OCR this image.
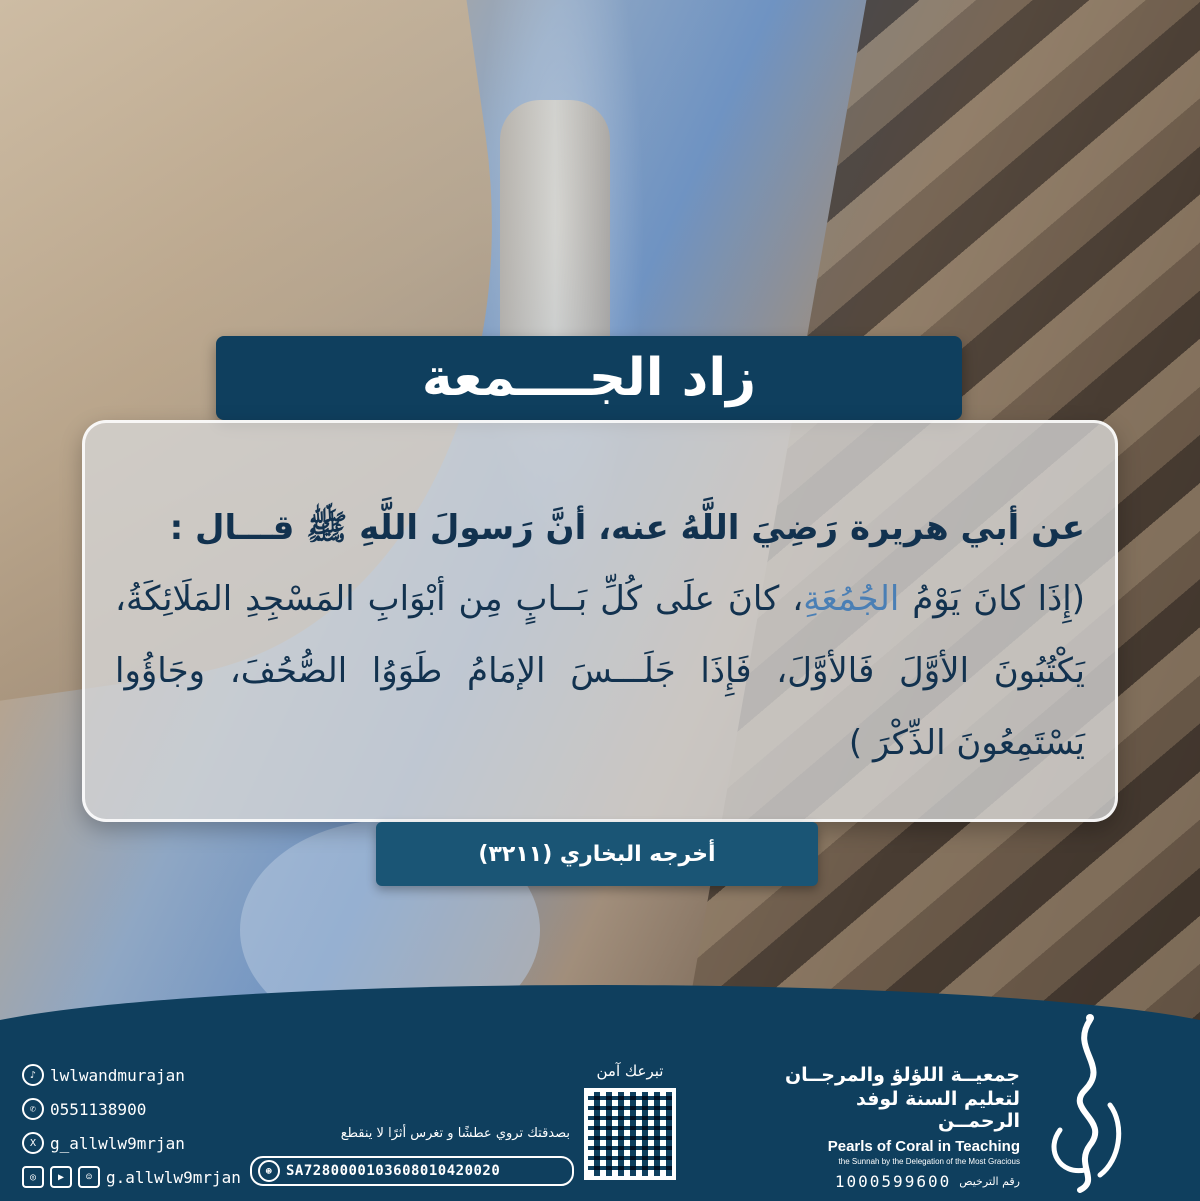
زاد الجــــمعة
عن أبي هريرة رَضِيَ اللَّهُ عنه، أنَّ رَسولَ اللَّهِ ﷺ قـــال :
(إِذَا كانَ يَوْمُ الجُمُعَةِ، كانَ علَى كُلِّ بَــابٍ مِن أبْوَابِ المَسْجِدِ المَلَائِكَةُ، يَكْتُبُونَ الأوَّلَ فَالأوَّلَ، فَإِذَا جَلَـــسَ الإمَامُ طَوَوُا الصُّحُفَ، وجَاؤُوا يَسْتَمِعُونَ الذِّكْرَ )
أخرجه البخاري (٣٢١١)
♪ lwlwandmurajan
✆ 0551138900
X g_allwlw9mrjan
◎	▶	☺ g.allwlw9mrjan
تبرعك آمن
بصدقتك تروي عطشًا و تغرس أثرًا لا ينقطع
⊛ SA7280000103608010420020
جمعيــة اللؤلؤ والمرجــان
لتعليم السنة لوفد الرحمــن
Pearls of Coral in Teaching
the Sunnah by the Delegation of the Most Gracious
1000599600 رقم الترخيص
